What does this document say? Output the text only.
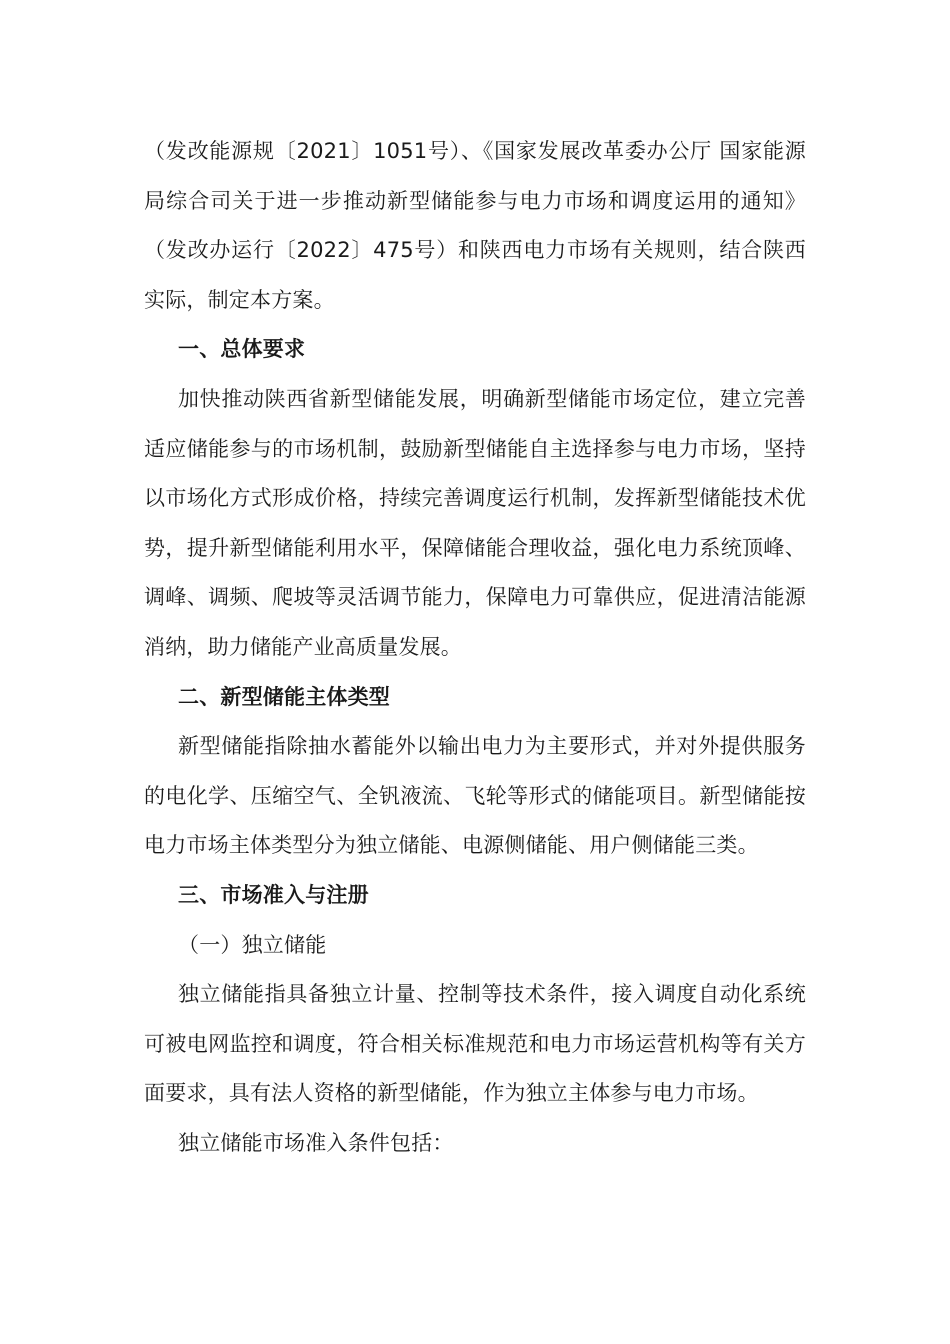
（发改能源规〔2021〕1051号）、《国家发展改革委办公厅 国家能源局综合司关于进一步推动新型储能参与电力市场和调度运用的通知》（发改办运行〔2022〕475号）和陕西电力市场有关规则，结合陕西实际，制定本方案。

一、总体要求

加快推动陕西省新型储能发展，明确新型储能市场定位，建立完善适应储能参与的市场机制，鼓励新型储能自主选择参与电力市场，坚持以市场化方式形成价格，持续完善调度运行机制，发挥新型储能技术优势，提升新型储能利用水平，保障储能合理收益，强化电力系统顶峰、调峰、调频、爬坡等灵活调节能力，保障电力可靠供应，促进清洁能源消纳，助力储能产业高质量发展。

二、新型储能主体类型

新型储能指除抽水蓄能外以输出电力为主要形式，并对外提供服务的电化学、压缩空气、全钒液流、飞轮等形式的储能项目。新型储能按电力市场主体类型分为独立储能、电源侧储能、用户侧储能三类。

三、市场准入与注册

（一）独立储能

独立储能指具备独立计量、控制等技术条件，接入调度自动化系统可被电网监控和调度，符合相关标准规范和电力市场运营机构等有关方面要求，具有法人资格的新型储能，作为独立主体参与电力市场。

独立储能市场准入条件包括：
